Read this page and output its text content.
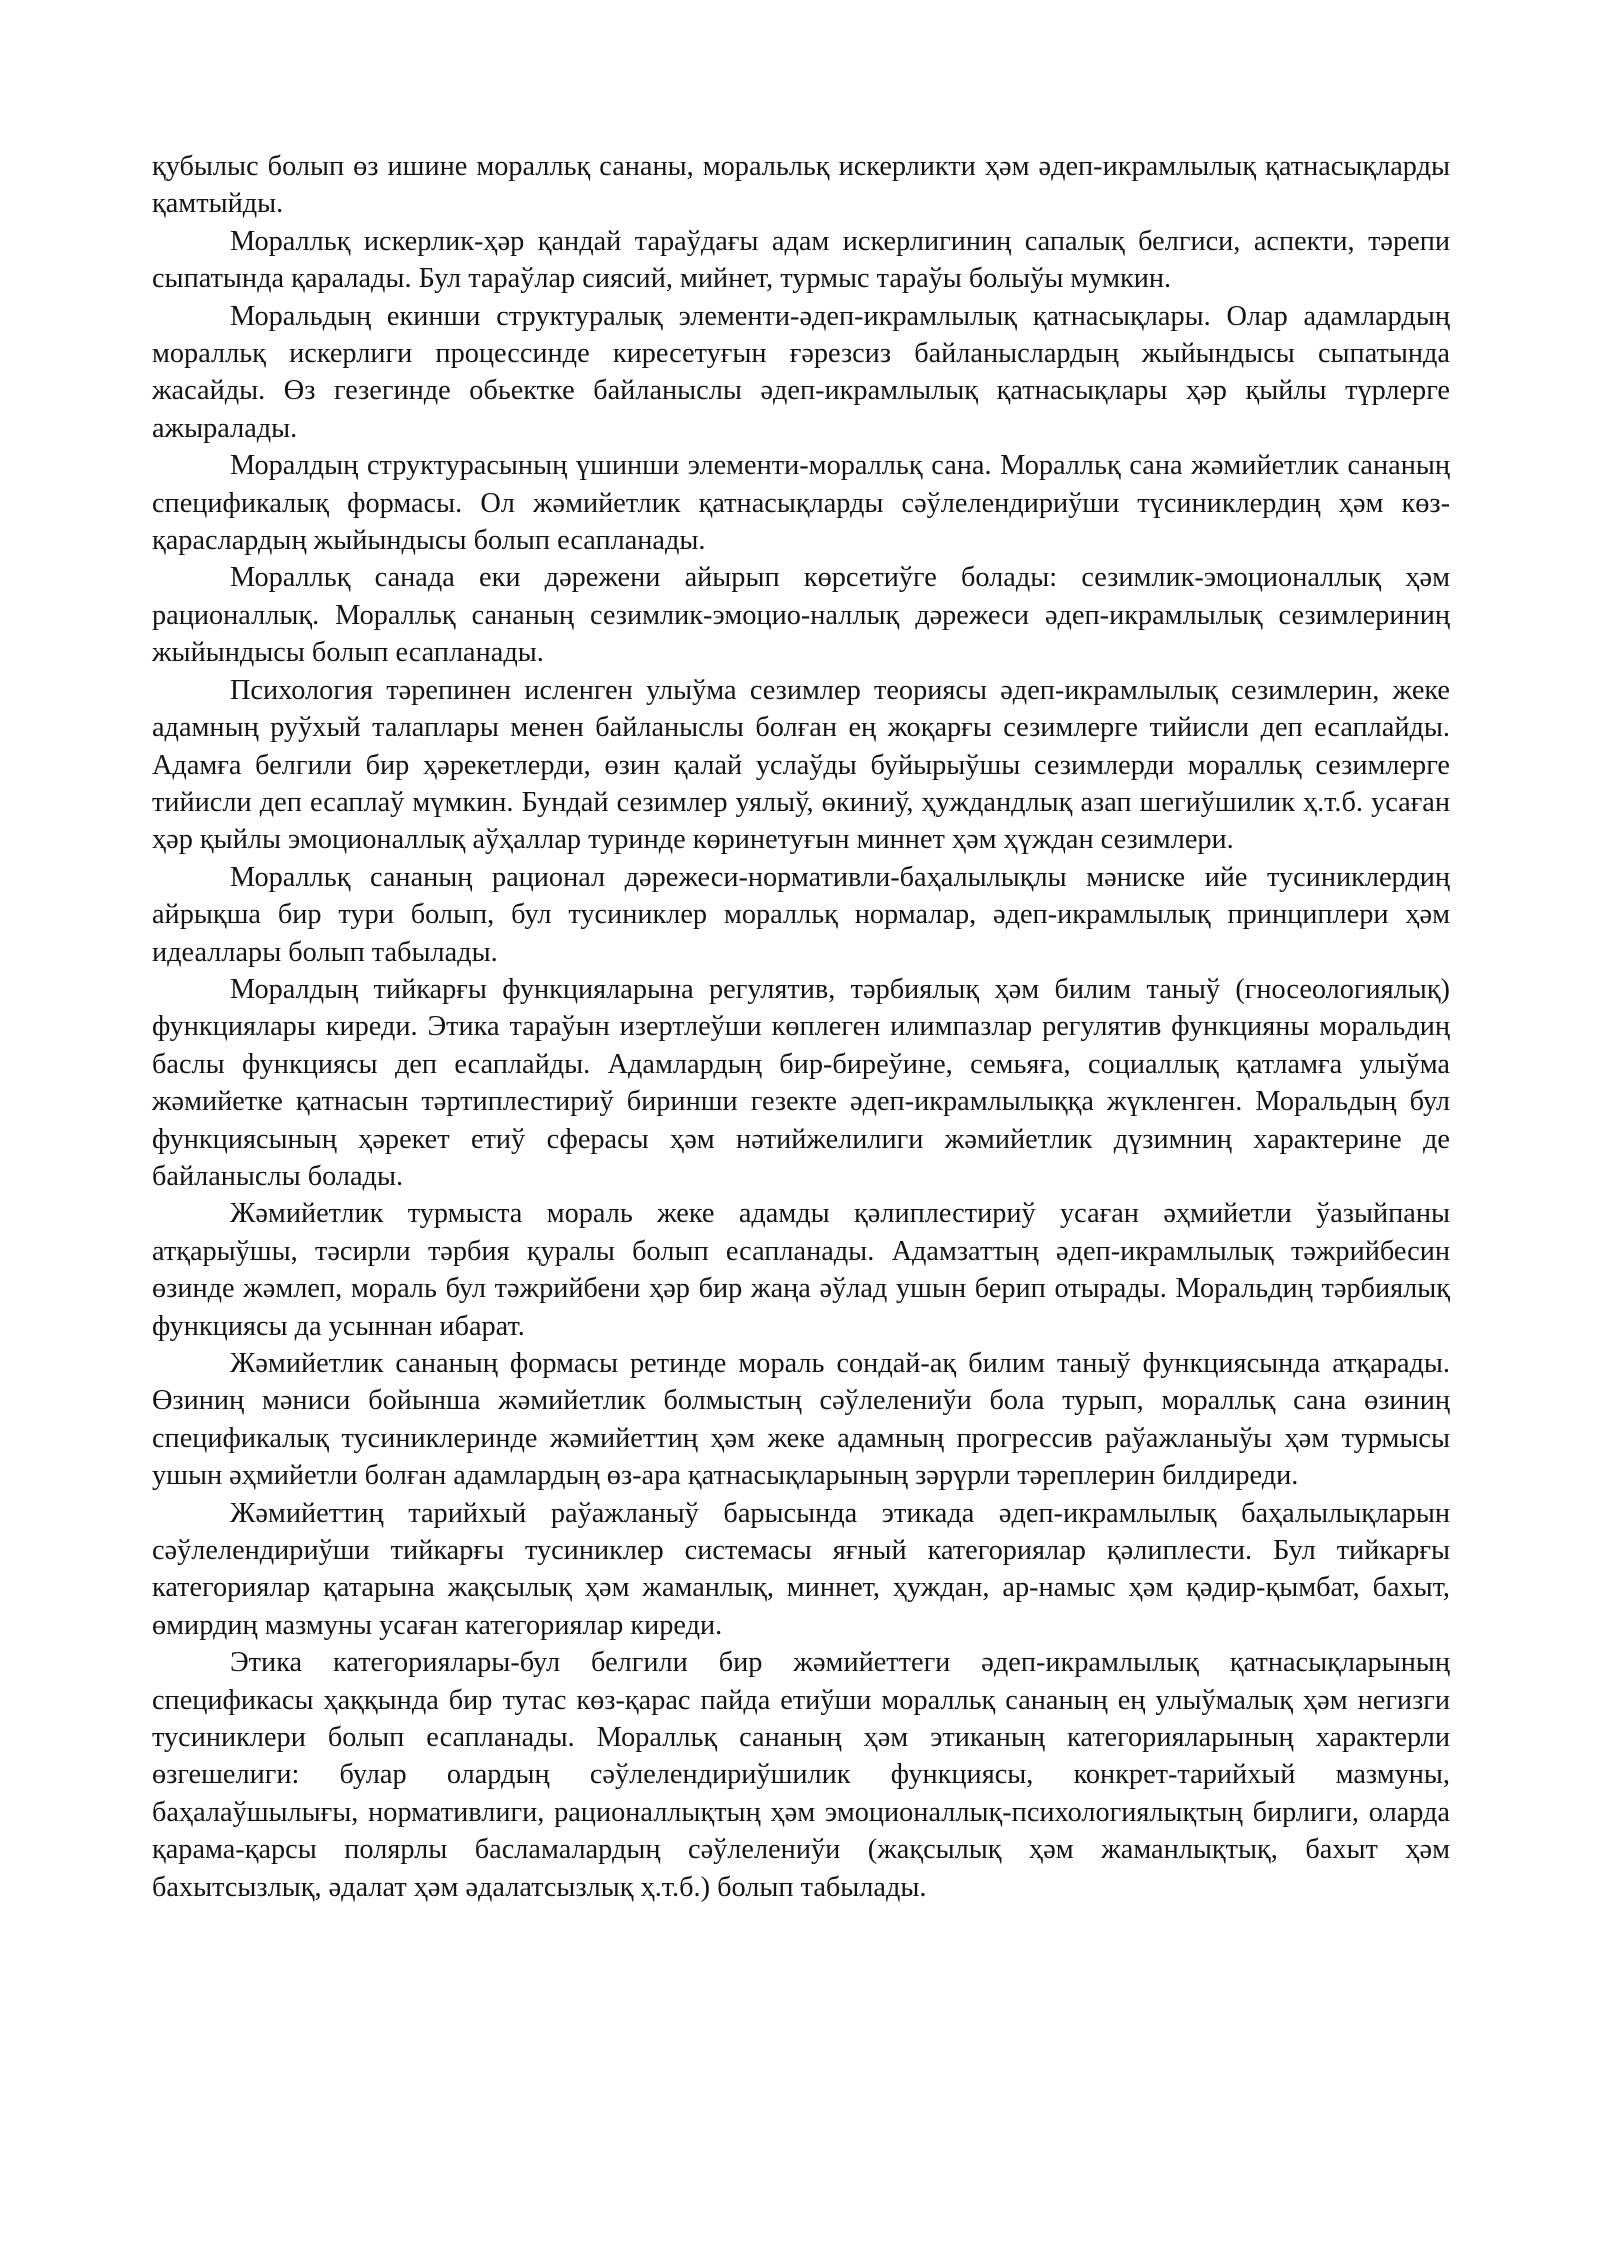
қубылыс болып өз ишине моралльқ сананы, моральльқ искерликти ҳәм әдеп-икрамлылық қатнасықларды қамтыйды.

Моралльқ искерлик-ҳәр қандай тараўдағы адам искерлигиниң сапалық белгиси, аспекти, тәрепи сыпатында қаралады. Бул тараўлар сиясий, мийнет, турмыс тараўы болыўы мумкин.

Моральдың екинши структуралық элементи-әдеп-икрамлылық қатнасықлары. Олар адамлардың моралльқ искерлиги процессинде киресетуғын ғәрезсиз байланыслардың жыйындысы сыпатында жасайды. Өз гезегинде обьектке байланыслы әдеп-икрамлылық қатнасықлары ҳәр қыйлы түрлерге ажыралады.

Моралдың структурасының үшинши элементи-моралльқ сана. Моралльқ сана жәмийетлик сананың спецификалық формасы. Ол жәмийетлик қатнасықларды сәўлелендириўши түсиниклердиң ҳәм көз-қараслардың жыйындысы болып есапланады.

Моралльқ санада еки дәрежени айырып көрсетиўге болады: сезимлик-эмоционаллық ҳәм рационаллық. Моралльқ сананың сезимлик-эмоцио-наллық дәрежеси әдеп-икрамлылық сезимлериниң жыйындысы болып есапланады.

Психология тәрепинен исленген улыўма сезимлер теориясы әдеп-икрамлылық сезимлерин, жеке адамның руўхый талаплары менен байланыслы болған ең жоқарғы сезимлерге тийисли деп есаплайды. Адамға белгили бир ҳәрекетлерди, өзин қалай услаўды буйырыўшы сезимлерди моралльқ сезимлерге тийисли деп есаплаў мүмкин. Бундай сезимлер уялыў, өкиниў, ҳуждандлық азап шегиўшилик ҳ.т.б. усаған ҳәр қыйлы эмоционаллық аўҳаллар туринде көринетуғын миннет ҳәм ҳүждан сезимлери.

Моралльқ сананың рационал дәрежеси-нормативли-баҳалылықлы мәниске ийе тусиниклердиң айрықша бир тури болып, бул тусиниклер моралльқ нормалар, әдеп-икрамлылық принциплери ҳәм идеаллары болып табылады.

Моралдың тийкарғы функцияларына регулятив, тәрбиялық ҳәм билим таныў (гносеологиялық) функциялары киреди. Этика тараўын изертлеўши көплеген илимпазлар регулятив функцияны моральдиң баслы функциясы деп есаплайды. Адамлардың бир-биреўине, семьяға, социаллық қатламға улыўма жәмийетке қатнасын тәртиплестириў биринши гезекте әдеп-икрамлылыққа жүкленген. Моральдың бул функциясының ҳәрекет етиў сферасы ҳәм нәтийжелилиги жәмийетлик дүзимниң характерине де байланыслы болады.

Жәмийетлик турмыста мораль жеке адамды қәлиплестириў усаған әҳмийетли ўазыйпаны атқарыўшы, тәсирли тәрбия қуралы болып есапланады. Адамзаттың әдеп-икрамлылық тәжрийбесин өзинде жәмлеп, мораль бул тәжрийбени ҳәр бир жаңа әўлад ушын берип отырады. Моральдиң тәрбиялық функциясы да усыннан ибарат.

Жәмийетлик сананың формасы ретинде мораль сондай-ақ билим таныў функциясында атқарады. Өзиниң мәниси бойынша жәмийетлик болмыстың сәўлелениўи бола турып, моралльқ сана өзиниң спецификалық тусиниклеринде жәмийеттиң ҳәм жеке адамның прогрессив раўажланыўы ҳәм турмысы ушын әҳмийетли болған адамлардың өз-ара қатнасықларының зәрүрли тәреплерин билдиреди.

Жәмийеттиң тарийхый раўажланыў барысында этикада әдеп-икрамлылық баҳалылықларын сәўлелендириўши тийкарғы тусиниклер системасы яғный категориялар қәлиплести. Бул тийкарғы категориялар қатарына жақсылық ҳәм жаманлық, миннет, ҳуждан, ар-намыс ҳәм қәдир-қымбат, бахыт, өмирдиң мазмуны усаған категориялар киреди.

Этика категориялары-бул белгили бир жәмийеттеги әдеп-икрамлылық қатнасықларының спецификасы ҳаққында бир тутас көз-қарас пайда етиўши моралльқ сананың ең улыўмалық ҳәм негизги тусиниклери болып есапланады. Моралльқ сананың ҳәм этиканың категорияларының характерли өзгешелиги: булар олардың сәўлелендириўшилик функциясы, конкрет-тарийхый мазмуны, баҳалаўшылығы, нормативлиги, рационаллықтың ҳәм эмоционаллық-психологиялықтың бирлиги, оларда қарама-қарсы полярлы басламалардың сәўлелениўи (жақсылық ҳәм жаманлықтық, бахыт ҳәм бахытсызлық, әдалат ҳәм әдалатсызлық ҳ.т.б.) болып табылады.
